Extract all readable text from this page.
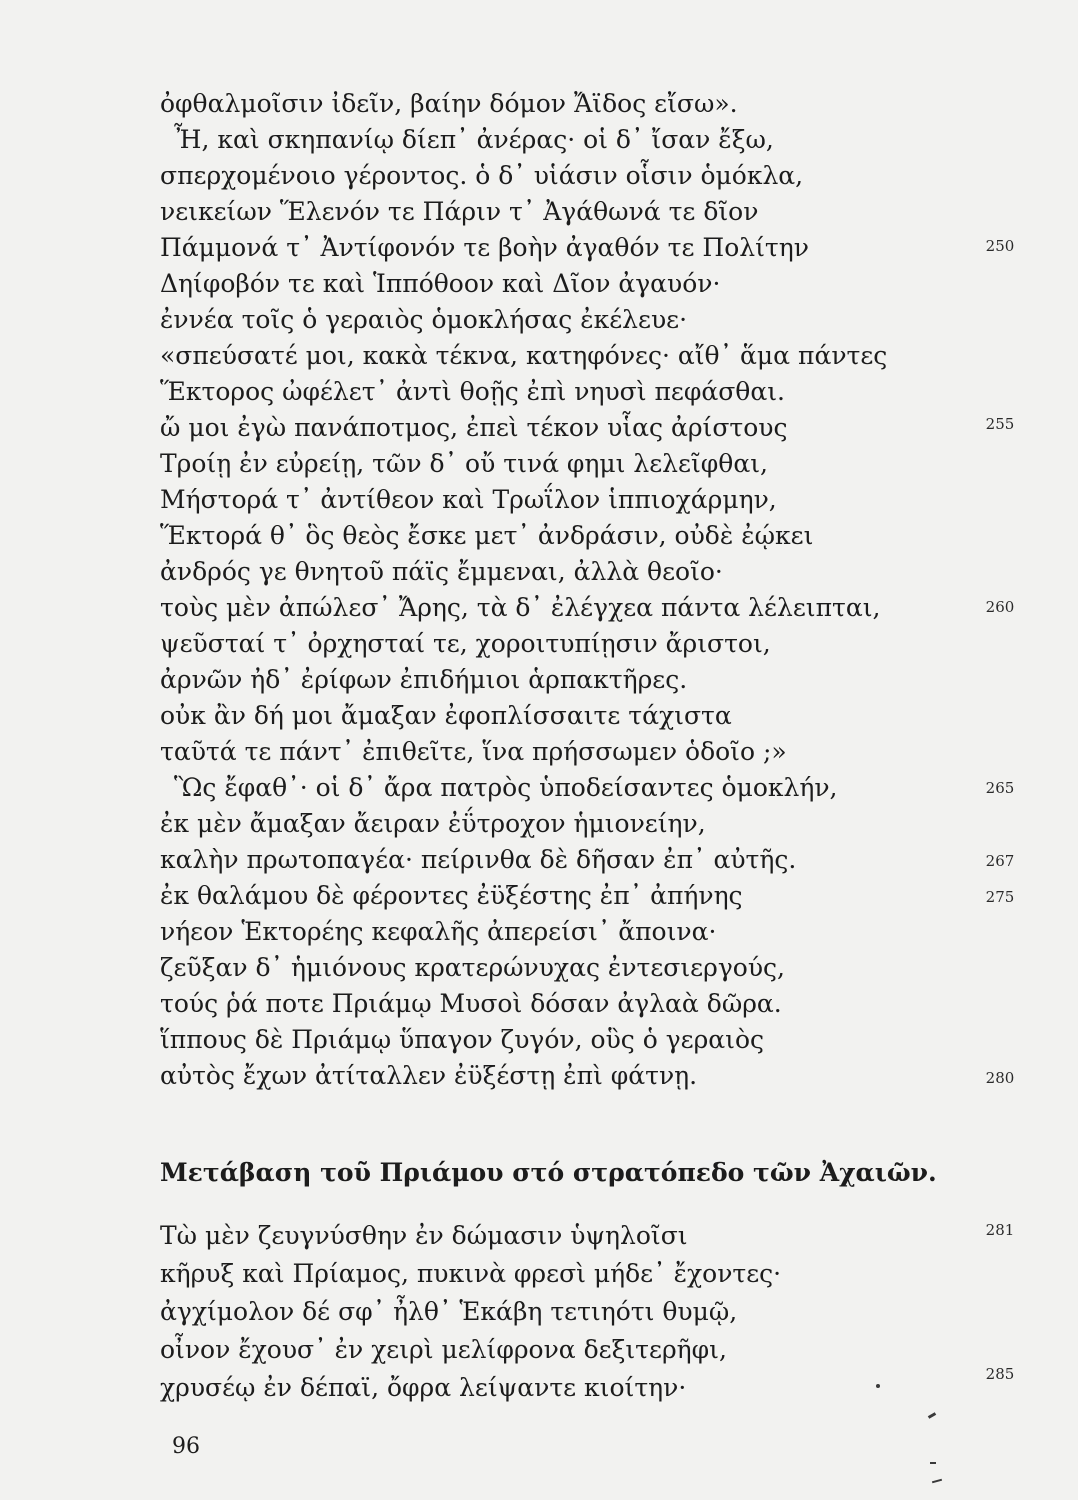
ὀφθαλμοῖσιν ἰδεῖν, βαίην δόμον Ἄϊδος εἴσω».
Ἦ, καὶ σκηπανίῳ δίεπ᾽ ἀνέρας· οἱ δ᾽ ἴσαν ἔξω,
σπερχομένοιο γέροντος. ὁ δ᾽ υἱάσιν οἷσιν ὁμόκλα,
νεικείων Ἕλενόν τε Πάριν τ᾽ Ἀγάθωνά τε δῖον
Πάμμονά τ᾽ Ἀντίφονόν τε βοὴν ἀγαθόν τε Πολίτην
Δηίφοβόν τε καὶ Ἱππόθοον καὶ Δῖον ἀγαυόν·
ἐννέα τοῖς ὁ γεραιὸς ὁμοκλήσας ἐκέλευε·
«σπεύσατέ μοι, κακὰ τέκνα, κατηφόνες· αἴθ᾽ ἅμα πάντες
Ἕκτορος ὠφέλετ᾽ ἀντὶ θοῇς ἐπὶ νηυσὶ πεφάσθαι.
ὤ μοι ἐγὼ πανάποτμος, ἐπεὶ τέκον υἷας ἀρίστους
Τροίῃ ἐν εὐρείῃ, τῶν δ᾽ οὔ τινά φημι λελεῖφθαι,
Μήστορά τ᾽ ἀντίθεον καὶ Τρωΐλον ἱππιοχάρμην,
Ἕκτορά θ᾽ ὃς θεὸς ἔσκε μετ᾽ ἀνδράσιν, οὐδὲ ἐῴκει
ἀνδρός γε θνητοῦ πάϊς ἔμμεναι, ἀλλὰ θεοῖο·
τοὺς μὲν ἀπώλεσ᾽ Ἄρης, τὰ δ᾽ ἐλέγχεα πάντα λέλειπται,
ψεῦσταί τ᾽ ὀρχησταί τε, χοροιτυπίῃσιν ἄριστοι,
ἀρνῶν ἠδ᾽ ἐρίφων ἐπιδήμιοι ἁρπακτῆρες.
οὐκ ἂν δή μοι ἄμαξαν ἐφοπλίσσαιτε τάχιστα
ταῦτά τε πάντ᾽ ἐπιθεῖτε, ἵνα πρήσσωμεν ὁδοῖο ;»
Ὣς ἔφαθ᾽· οἱ δ᾽ ἄρα πατρὸς ὑποδείσαντες ὁμοκλήν,
ἐκ μὲν ἄμαξαν ἄειραν ἐΰτροχον ἡμιονείην,
καλὴν πρωτοπαγέα· πείρινθα δὲ δῆσαν ἐπ᾽ αὐτῆς.
ἐκ θαλάμου δὲ φέροντες ἐϋξέστης ἐπ᾽ ἀπήνης
νήεον Ἑκτορέης κεφαλῆς ἀπερείσι᾽ ἄποινα·
ζεῦξαν δ᾽ ἡμιόνους κρατερώνυχας ἐντεσιεργούς,
τούς ῥά ποτε Πριάμῳ Μυσοὶ δόσαν ἀγλαὰ δῶρα.
ἵππους δὲ Πριάμῳ ὕπαγον ζυγόν, οὓς ὁ γεραιὸς
αὐτὸς ἔχων ἀτίταλλεν ἐϋξέστῃ ἐπὶ φάτνῃ.
Μετάβαση τοῦ Πριάμου στό στρατόπεδο τῶν Ἀχαιῶν.
Τὼ μὲν ζευγνύσθην ἐν δώμασιν ὑψηλοῖσι
κῆρυξ καὶ Πρίαμος, πυκινὰ φρεσὶ μήδε᾽ ἔχοντες·
ἀγχίμολον δέ σφ᾽ ἦλθ᾽ Ἑκάβη τετιηότι θυμῷ,
οἶνον ἔχουσ᾽ ἐν χειρὶ μελίφρονα δεξιτερῆφι,
χρυσέῳ ἐν δέπαϊ, ὄφρα λείψαντε κιοίτην·
250
255
260
265
267
275
280
281
285
96
